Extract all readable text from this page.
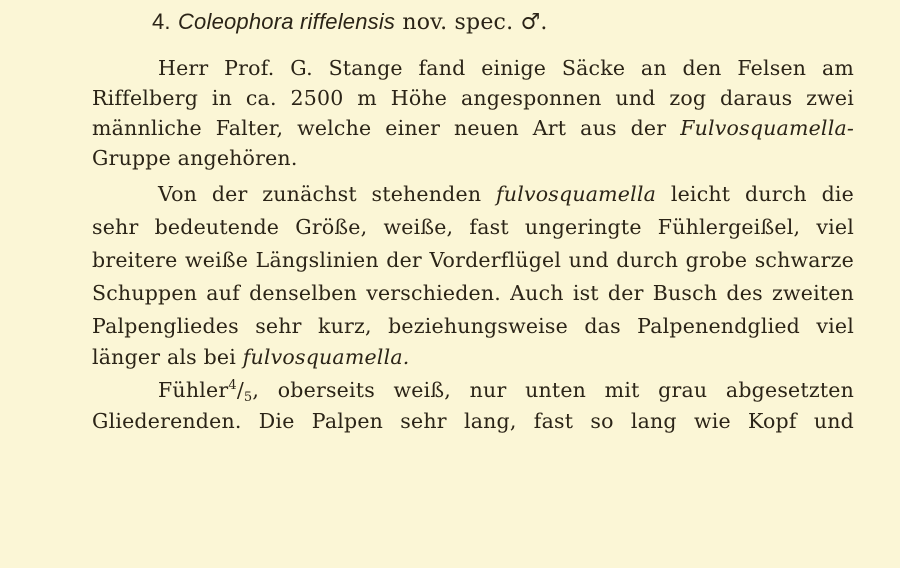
4. Coleophora riffelensis nov. spec. ♂.
Herr Prof. G. Stange fand einige Säcke an den Felsen am
Riffelberg in ca. 2500 m Höhe angesponnen und zog daraus zwei
männliche Falter, welche einer neuen Art aus der Fulvosquamella-
Gruppe angehören.
Von der zunächst stehenden fulvosquamella leicht durch die
sehr bedeutende Größe, weiße, fast ungeringte Fühlergeißel, viel
breitere weiße Längslinien der Vorderflügel und durch grobe schwarze
Schuppen auf denselben verschieden. Auch ist der Busch des zweiten
Palpengliedes sehr kurz, beziehungsweise das Palpenendglied viel
länger als bei fulvosquamella.
$Fühler^4/_5$, oberseits weiß, nur unten mit grau abgesetzten
Gliederenden. Die Palpen sehr lang, fast so lang wie Kopf und
